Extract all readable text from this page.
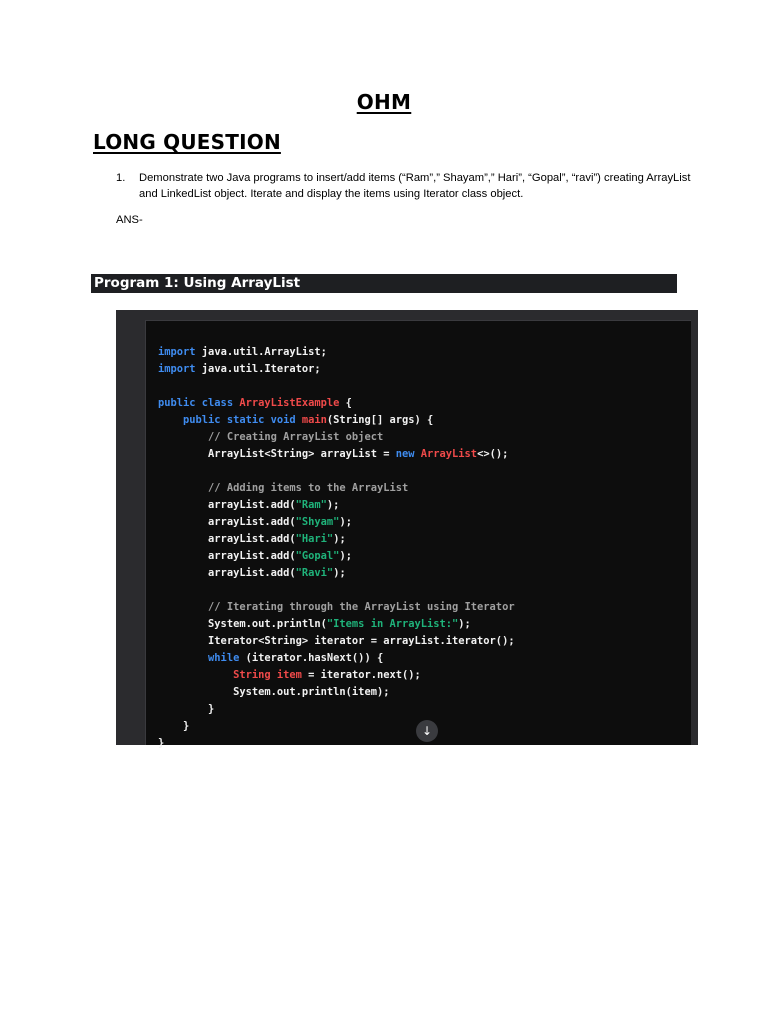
OHM
LONG QUESTION
1.	Demonstrate two Java programs to insert/add items (“Ram”,” Shayam”,” Hari”, “Gopal”, “ravi”) creating ArrayList and LinkedList object. Iterate and display the items using Iterator class object.
ANS-
Program 1: Using ArrayList
import java.util.ArrayList;
import java.util.Iterator;
public class ArrayListExample {
public static void main(String[] args) {
// Creating ArrayList object
ArrayList<String> arrayList = new ArrayList<>();
// Adding items to the ArrayList
arrayList.add("Ram");
arrayList.add("Shyam");
arrayList.add("Hari");
arrayList.add("Gopal");
arrayList.add("Ravi");
// Iterating through the ArrayList using Iterator
System.out.println("Items in ArrayList:");
Iterator<String> iterator = arrayList.iterator();
while (iterator.hasNext()) {
String item = iterator.next();
System.out.println(item);
}
}
}
↓
